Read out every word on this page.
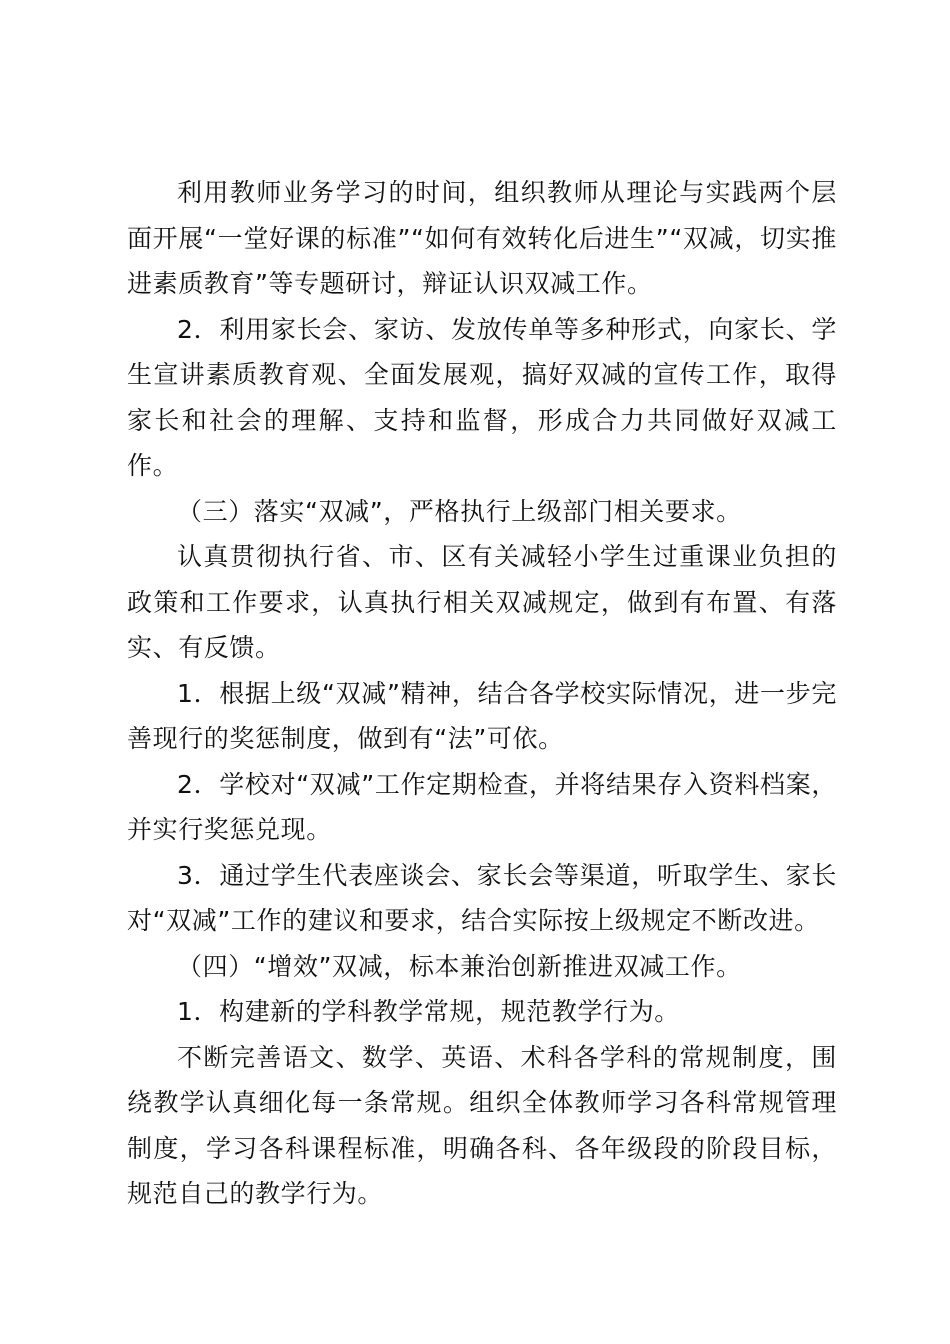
利用教师业务学习的时间，组织教师从理论与实践两个层面开展“一堂好课的标准”“如何有效转化后进生”“双减，切实推进素质教育”等专题研讨，辩证认识双减工作。

2．利用家长会、家访、发放传单等多种形式，向家长、学生宣讲素质教育观、全面发展观，搞好双减的宣传工作，取得家长和社会的理解、支持和监督，形成合力共同做好双减工作。

（三）落实“双减”，严格执行上级部门相关要求。

认真贯彻执行省、市、区有关减轻小学生过重课业负担的政策和工作要求，认真执行相关双减规定，做到有布置、有落实、有反馈。

1．根据上级“双减”精神，结合各学校实际情况，进一步完善现行的奖惩制度，做到有“法”可依。

2．学校对“双减”工作定期检查，并将结果存入资料档案，并实行奖惩兑现。

3．通过学生代表座谈会、家长会等渠道，听取学生、家长对“双减”工作的建议和要求，结合实际按上级规定不断改进。

（四）“增效”双减，标本兼治创新推进双减工作。

1．构建新的学科教学常规，规范教学行为。

不断完善语文、数学、英语、术科各学科的常规制度，围绕教学认真细化每一条常规。组织全体教师学习各科常规管理制度，学习各科课程标准，明确各科、各年级段的阶段目标，规范自己的教学行为。
